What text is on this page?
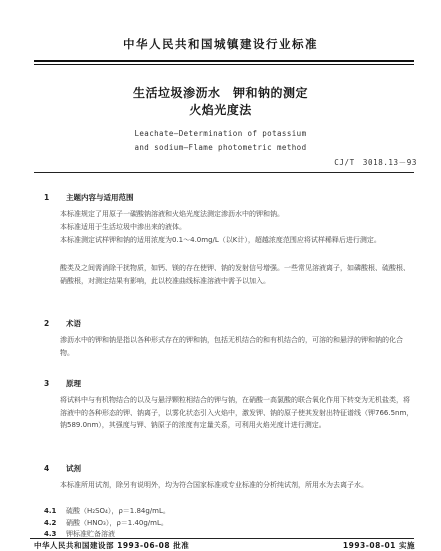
中华人民共和国城镇建设行业标准
生活垃圾渗沥水　钾和钠的测定
火焰光度法
Leachate—Determination of potassium
and sodium—Flame photometric method
CJ/T　3018.13－93
1 主题内容与适用范围
本标准规定了用原子一碳酸钠溶液和火焰光度法测定渗沥水中的钾和钠。
本标准适用于生活垃圾中渗出来的液体。
本标准测定试样钾和钠的适用浓度为0.1～4.0mg/L（以K计），超越浓度范围应将试样稀释后进行测定。
酸类及之间需消除干扰物质，如钙、镁的存在使钾、钠的发射信号增强。一些常见溶液离子，如磷酸根、硫酸根、硝酸根，对测定结果有影响，此以校准曲线标准溶液中需予以加入。
2 术语
渗沥水中的钾和钠是指以各种形式存在的钾和钠，包括无机结合的和有机结合的，可溶的和悬浮的钾和钠的化合物。
3 原理
将试料中与有机物结合的以及与悬浮颗粒相结合的钾与钠，在硝酸一高氯酸的联合氧化作用下转变为无机盐类，将溶液中的各种形态的钾、钠离子，以雾化状态引入火焰中，激发钾、钠的原子使其发射出特征谱线（钾766.5nm，钠589.0nm），其强度与钾、钠原子的浓度有定量关系，可利用火焰光度计进行测定。
4 试剂
本标准所用试剂，除另有说明外，均为符合国家标准或专业标准的分析纯试剂，所用水为去离子水。
4.1 硫酸（H₂SO₄），ρ＝1.84g/mL。
4.2 硝酸（HNO₃），ρ＝1.40g/mL。
4.3 钾标准贮备溶液
中华人民共和国建设部 1993-06-08 批准	1993-08-01 实施
